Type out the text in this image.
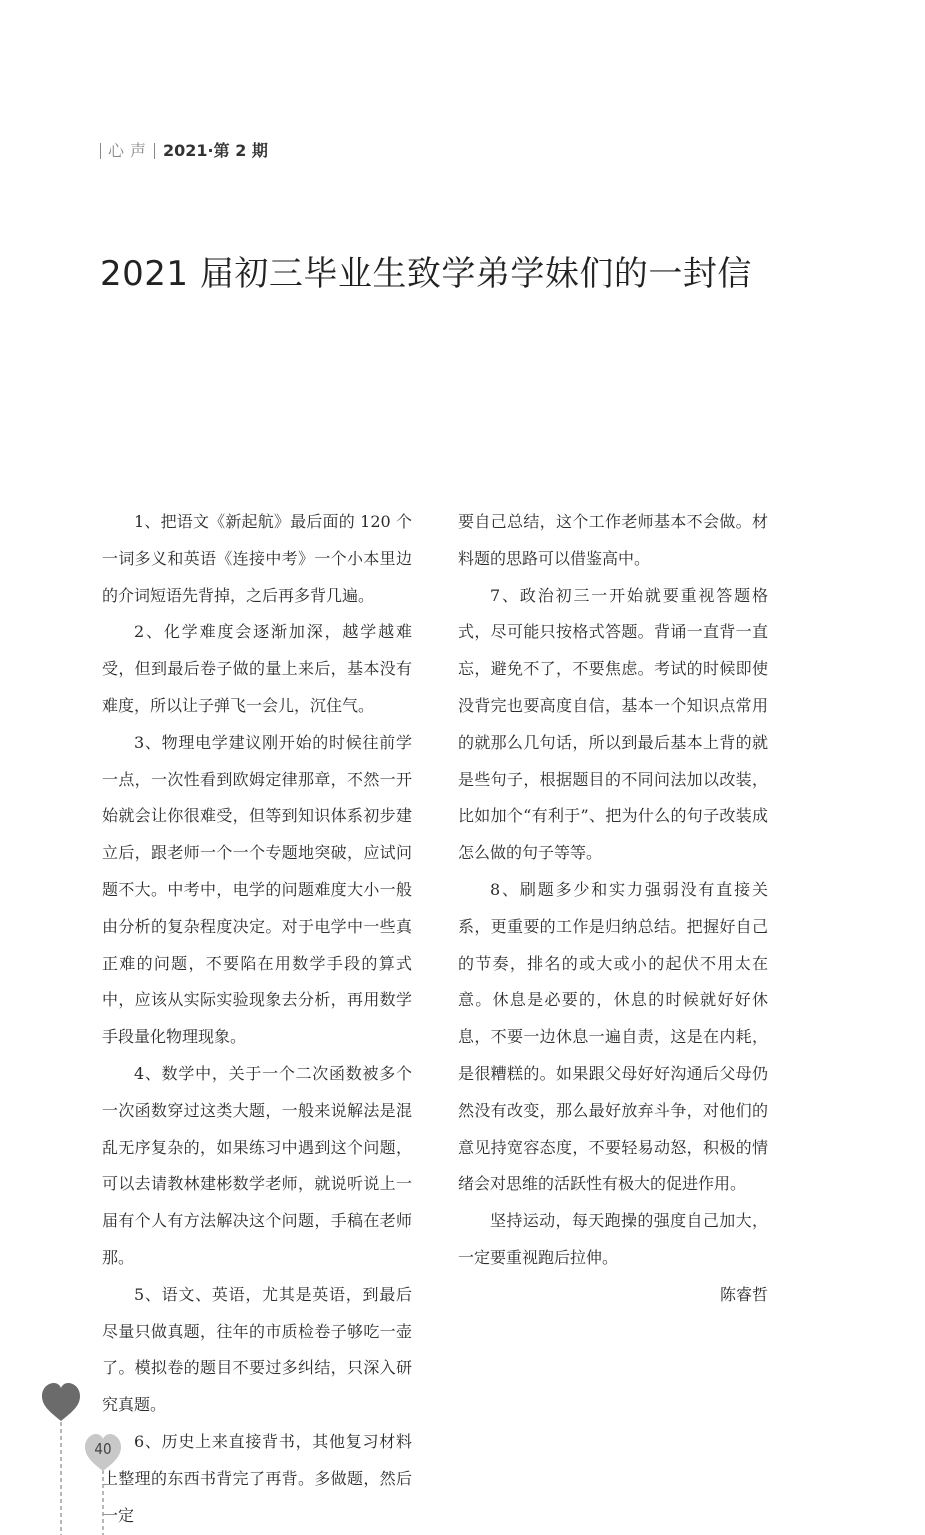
心声 2021·第 2 期
2021 届初三毕业生致学弟学妹们的一封信

1、把语文《新起航》最后面的 120 个一词多义和英语《连接中考》一个小本里边的介词短语先背掉，之后再多背几遍。

2、化学难度会逐渐加深，越学越难受，但到最后卷子做的量上来后，基本没有难度，所以让子弹飞一会儿，沉住气。

3、物理电学建议刚开始的时候往前学一点，一次性看到欧姆定律那章，不然一开始就会让你很难受，但等到知识体系初步建立后，跟老师一个一个专题地突破，应试问题不大。中考中，电学的问题难度大小一般由分析的复杂程度决定。对于电学中一些真正难的问题，不要陷在用数学手段的算式中，应该从实际实验现象去分析，再用数学手段量化物理现象。

4、数学中，关于一个二次函数被多个一次函数穿过这类大题，一般来说解法是混乱无序复杂的，如果练习中遇到这个问题，可以去请教林建彬数学老师，就说听说上一届有个人有方法解决这个问题，手稿在老师那。

5、语文、英语，尤其是英语，到最后尽量只做真题，往年的市质检卷子够吃一壶了。模拟卷的题目不要过多纠结，只深入研究真题。

6、历史上来直接背书，其他复习材料上整理的东西书背完了再背。多做题，然后一定

要自己总结，这个工作老师基本不会做。材料题的思路可以借鉴高中。

7、政治初三一开始就要重视答题格式，尽可能只按格式答题。背诵一直背一直忘，避免不了，不要焦虑。考试的时候即使没背完也要高度自信，基本一个知识点常用的就那么几句话，所以到最后基本上背的就是些句子，根据题目的不同问法加以改装，比如加个“有利于”、把为什么的句子改装成怎么做的句子等等。

8、刷题多少和实力强弱没有直接关系，更重要的工作是归纳总结。把握好自己的节奏，排名的或大或小的起伏不用太在意。休息是必要的，休息的时候就好好休息，不要一边休息一遍自责，这是在内耗，是很糟糕的。如果跟父母好好沟通后父母仍然没有改变，那么最好放弃斗争，对他们的意见持宽容态度，不要轻易动怒，积极的情绪会对思维的活跃性有极大的促进作用。

坚持运动，每天跑操的强度自己加大，一定要重视跑后拉伸。

陈睿哲

40
